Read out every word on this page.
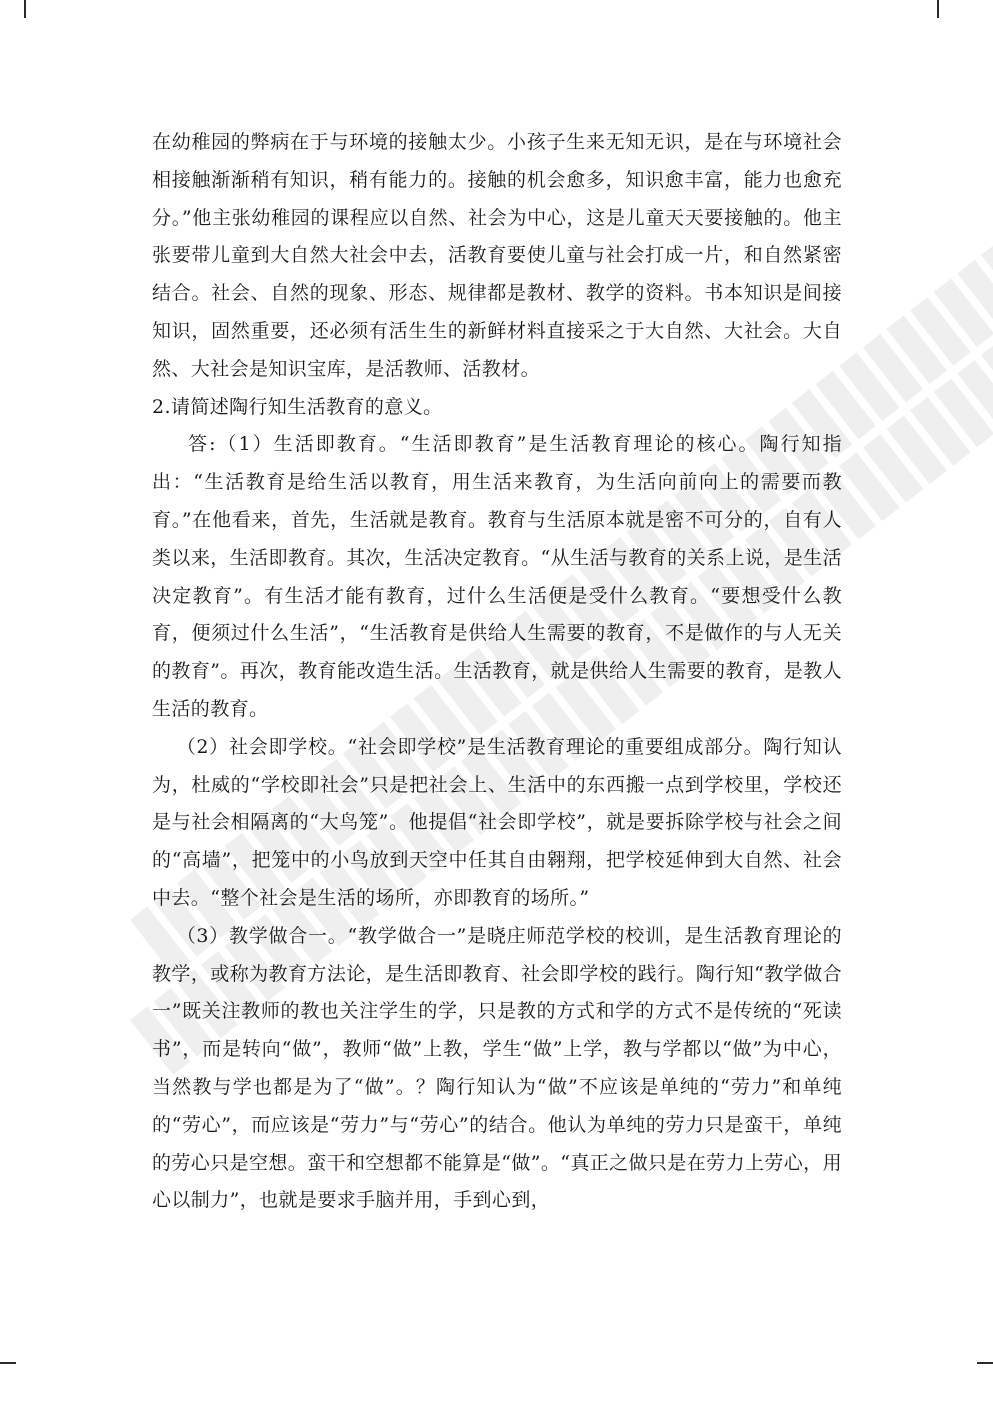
在幼稚园的弊病在于与环境的接触太少。小孩子生来无知无识，是在与环境社会相接触渐渐稍有知识，稍有能力的。接触的机会愈多，知识愈丰富，能力也愈充分。”他主张幼稚园的课程应以自然、社会为中心，这是儿童天天要接触的。他主张要带儿童到大自然大社会中去，活教育要使儿童与社会打成一片，和自然紧密结合。社会、自然的现象、形态、规律都是教材、教学的资料。书本知识是间接知识，固然重要，还必须有活生生的新鲜材料直接采之于大自然、大社会。大自然、大社会是知识宝库，是活教师、活教材。

2.请简述陶行知生活教育的意义。

答:（1）生活即教育。“生活即教育”是生活教育理论的核心。陶行知指出：“生活教育是给生活以教育，用生活来教育，为生活向前向上的需要而教育。”在他看来，首先，生活就是教育。教育与生活原本就是密不可分的，自有人类以来，生活即教育。其次，生活决定教育。“从生活与教育的关系上说，是生活决定教育”。有生活才能有教育，过什么生活便是受什么教育。“要想受什么教育，便须过什么生活”，“生活教育是供给人生需要的教育，不是做作的与人无关的教育”。再次，教育能改造生活。生活教育，就是供给人生需要的教育，是教人生活的教育。

（2）社会即学校。“社会即学校”是生活教育理论的重要组成部分。陶行知认为，杜威的“学校即社会”只是把社会上、生活中的东西搬一点到学校里，学校还是与社会相隔离的“大鸟笼”。他提倡“社会即学校”，就是要拆除学校与社会之间的“高墙”，把笼中的小鸟放到天空中任其自由翱翔，把学校延伸到大自然、社会中去。“整个社会是生活的场所，亦即教育的场所。”

（3）教学做合一。“教学做合一”是晓庄师范学校的校训，是生活教育理论的教学，或称为教育方法论，是生活即教育、社会即学校的践行。陶行知“教学做合一”既关注教师的教也关注学生的学，只是教的方式和学的方式不是传统的“死读书”，而是转向“做”，教师“做”上教，学生“做”上学，教与学都以“做”为中心，当然教与学也都是为了“做”。？陶行知认为“做”不应该是单纯的“劳力”和单纯的“劳心”，而应该是“劳力”与“劳心”的结合。他认为单纯的劳力只是蛮干，单纯的劳心只是空想。蛮干和空想都不能算是“做”。“真正之做只是在劳力上劳心，用心以制力”，也就是要求手脑并用，手到心到，
